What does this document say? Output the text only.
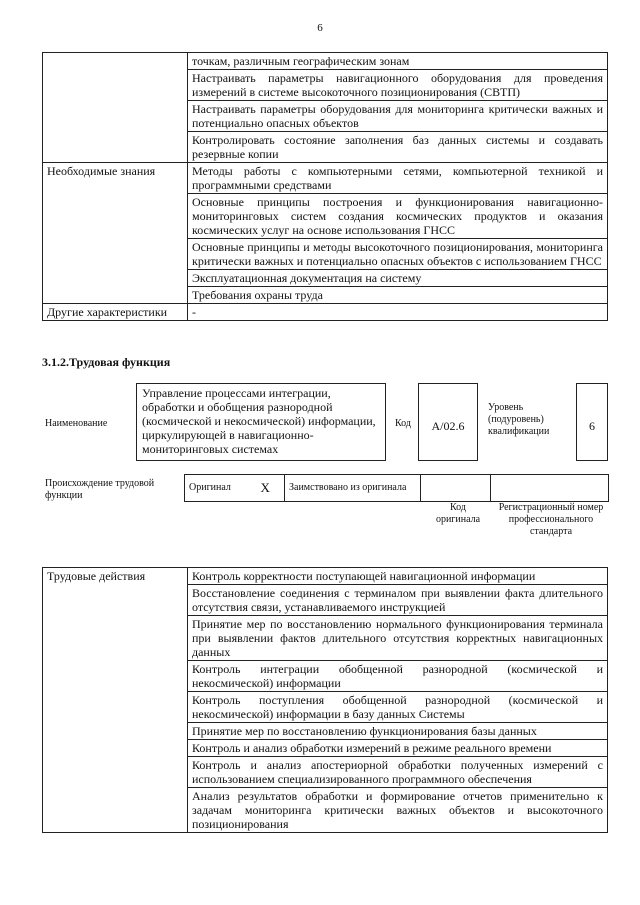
6
	точкам, различным географическим зонам
	Настраивать параметры навигационного оборудования для проведения измерений в системе высокоточного позиционирования (СВТП)
	Настраивать параметры оборудования для мониторинга критически важных и потенциально опасных объектов
	Контролировать состояние заполнения баз данных системы и создавать резервные копии
Необходимые знания	Методы работы с компьютерными сетями, компьютерной техникой и программными средствами
	Основные принципы построения и функционирования навигационно-мониторинговых систем создания космических продуктов и оказания космических услуг на основе использования ГНСС
	Основные принципы и методы высокоточного позиционирования, мониторинга критически важных и потенциально опасных объектов с использованием ГНСС
	Эксплуатационная документация на систему
	Требования охраны труда
Другие характеристики	-
3.1.2.Трудовая функция
Наименование
Управление процессами интеграции, обработки и обобщения разнородной (космической и некосмической) информации, циркулирующей в навигационно-мониторинговых системах
Код	A/02.6
Уровень (подуровень) квалификации	6
Происхождение трудовой функции
Оригинал	X	Заимствовано из оригинала		
Код оригинала
Регистрационный номер профессионального стандарта
Трудовые действия	Контроль корректности поступающей навигационной информации
Восстановление соединения с терминалом при выявлении факта длительного отсутствия связи, устанавливаемого инструкцией
Принятие мер по восстановлению нормального функционирования терминала при выявлении фактов длительного отсутствия корректных навигационных данных
Контроль интеграции обобщенной разнородной (космической и некосмической) информации
Контроль поступления обобщенной разнородной (космической и некосмической) информации в базу данных Системы
Принятие мер по восстановлению функционирования базы данных
Контроль и анализ обработки измерений в режиме реального времени
Контроль и анализ апостериорной обработки полученных измерений с использованием специализированного программного обеспечения
Анализ результатов обработки и формирование отчетов применительно к задачам мониторинга критически важных объектов и высокоточного позиционирования
